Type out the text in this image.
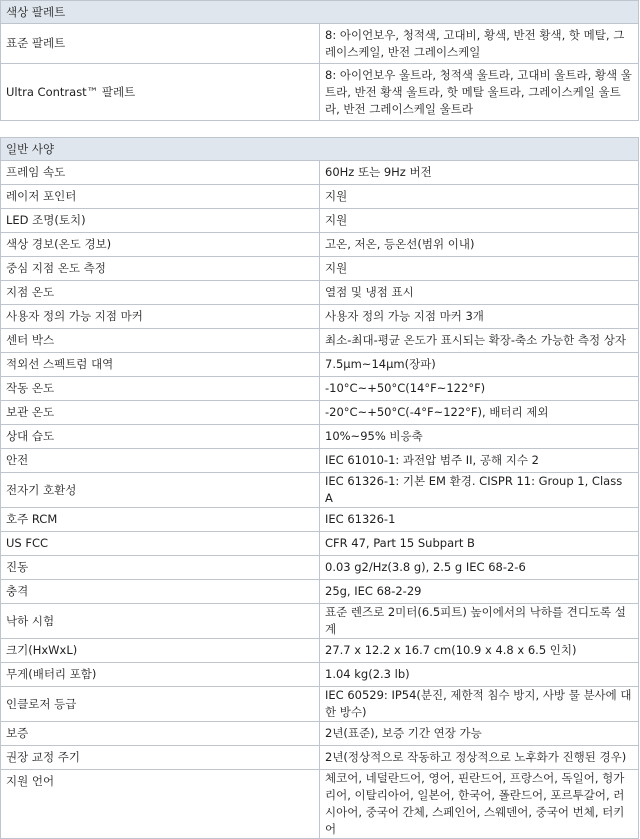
색상 팔레트	
표준 팔레트	8: 아이언보우, 청적색, 고대비, 황색, 반전 황색, 핫 메탈, 그레이스케일, 반전 그레이스케일
Ultra Contrast™ 팔레트	8: 아이언보우 울트라, 청적색 울트라, 고대비 울트라, 황색 울트라, 반전 황색 울트라, 핫 메탈 울트라, 그레이스케일 울트라, 반전 그레이스케일 울트라

일반 사양	
프레임 속도	60Hz 또는 9Hz 버전
레이저 포인터	지원
LED 조명(토치)	지원
색상 경보(온도 경보)	고온, 저온, 등온선(범위 이내)
중심 지점 온도 측정	지원
지점 온도	열점 및 냉점 표시
사용자 정의 가능 지점 마커	사용자 정의 가능 지점 마커 3개
센터 박스	최소-최대-평균 온도가 표시되는 확장-축소 가능한 측정 상자
적외선 스펙트럼 대역	7.5µm~14µm(장파)
작동 온도	-10°C~+50°C(14°F~122°F)
보관 온도	-20°C~+50°C(-4°F~122°F), 배터리 제외
상대 습도	10%~95% 비응축
안전	IEC 61010-1: 과전압 범주 II, 공해 지수 2
전자기 호환성	IEC 61326-1: 기본 EM 환경. CISPR 11: Group 1, Class A
호주 RCM	IEC 61326-1
US FCC	CFR 47, Part 15 Subpart B
진동	0.03 g2/Hz(3.8 g), 2.5 g IEC 68-2-6
충격	25g, IEC 68-2-29
낙하 시험	표준 렌즈로 2미터(6.5피트) 높이에서의 낙하를 견디도록 설계
크기(HxWxL)	27.7 x 12.2 x 16.7 cm(10.9 x 4.8 x 6.5 인치)
무게(배터리 포함)	1.04 kg(2.3 lb)
인클로저 등급	IEC 60529: IP54(분진, 제한적 침수 방지, 사방 물 분사에 대한 방수)
보증	2년(표준), 보증 기간 연장 가능
권장 교정 주기	2년(정상적으로 작동하고 정상적으로 노후화가 진행된 경우)
지원 언어	체코어, 네덜란드어, 영어, 핀란드어, 프랑스어, 독일어, 헝가리어, 이탈리아어, 일본어, 한국어, 폴란드어, 포르투갈어, 러시아어, 중국어 간체, 스페인어, 스웨덴어, 중국어 번체, 터키어
